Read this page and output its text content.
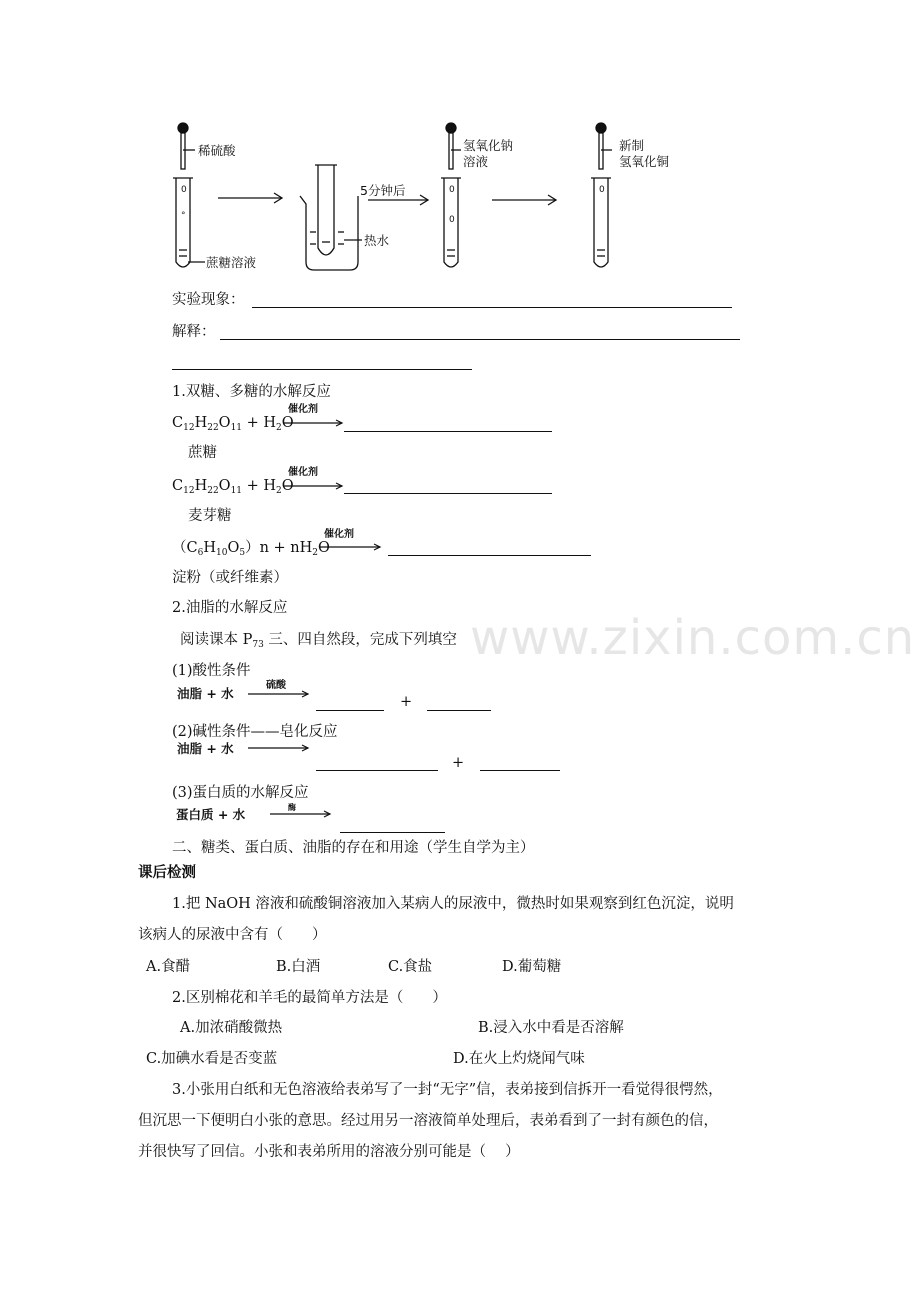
www.zixin.com.cn
0
°
0
0
0
稀硫酸
蔗糖溶液
5分钟后
热水
氢氧化钠
溶液
新制
氢氧化铜
实验现象：
解释：
1.双糖、多糖的水解反应
$C_{12}H_{22}O_{11} + H_2O$
催化剂
蔗糖
$C_{12}H_{22}O_{11} + H_2O$
催化剂
麦芽糖
$(C_6H_{10}O_5)n + nH_2O$
催化剂
淀粉（或纤维素）
2.油脂的水解反应
阅读课本 $P_{73}$ 三、四自然段，完成下列填空
(1)酸性条件
油脂 + 水
硫酸
+
(2)碱性条件——皂化反应
油脂 + 水 →
+
(3)蛋白质的水解反应
蛋白质 + 水	酶
二、糖类、蛋白质、油脂的存在和用途（学生自学为主）
课后检测
1.把 NaOH 溶液和硫酸铜溶液加入某病人的尿液中，微热时如果观察到红色沉淀，说明
该病人的尿液中含有（　　）
A.食醋	B.白酒	C.食盐	D.葡萄糖
2.区别棉花和羊毛的最简单方法是（　　）
A.加浓硝酸微热	B.浸入水中看是否溶解
C.加碘水看是否变蓝	D.在火上灼烧闻气味
3.小张用白纸和无色溶液给表弟写了一封“无字”信，表弟接到信拆开一看觉得很愕然，
但沉思一下便明白小张的意思。经过用另一溶液简单处理后，表弟看到了一封有颜色的信，
并很快写了回信。小张和表弟所用的溶液分别可能是（　 ）
